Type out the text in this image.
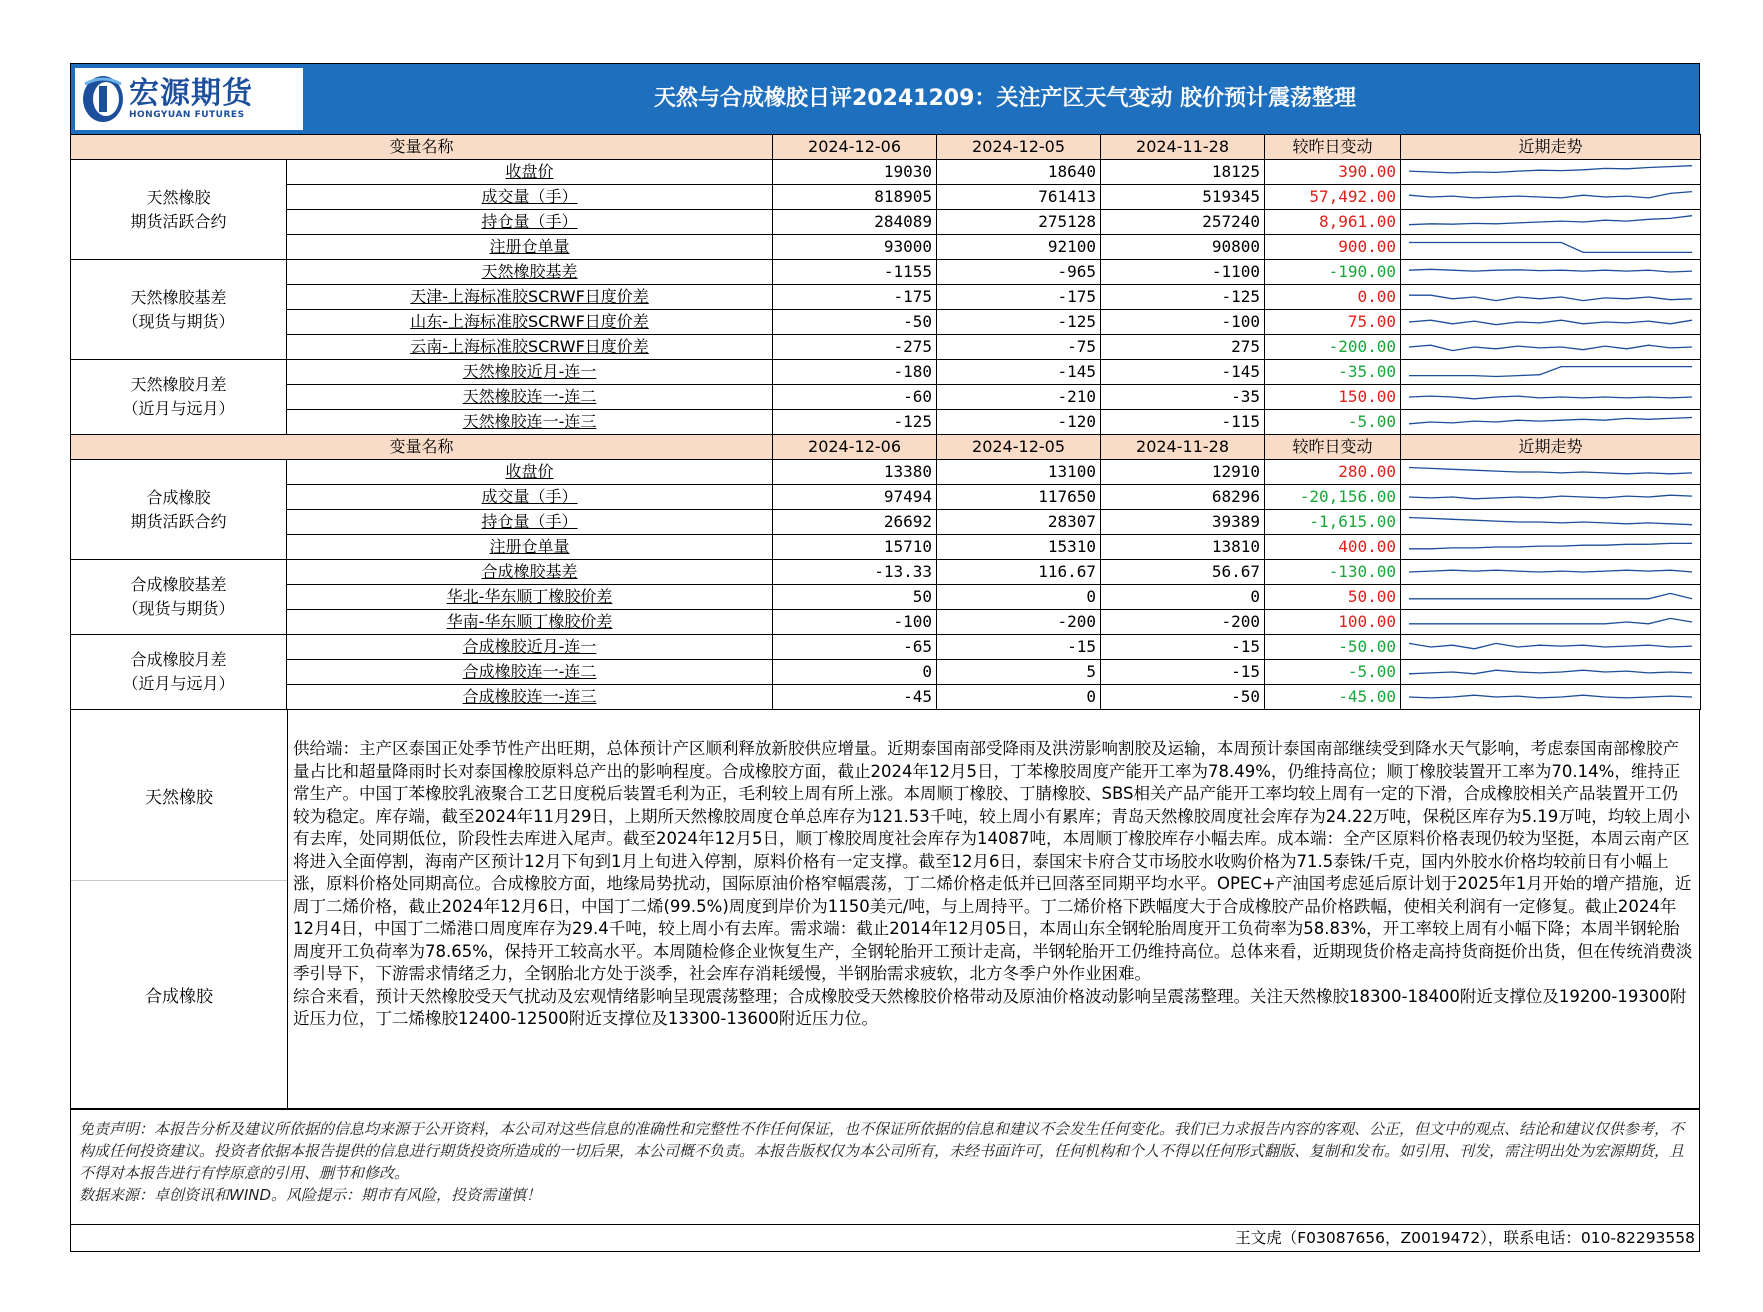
宏源期货
HONGYUAN FUTURES
天然与合成橡胶日评20241209：关注产区天气变动 胶价预计震荡整理
变量名称		2024-12-06	2024-12-05	2024-11-28	较昨日变动	近期走势
天然橡胶
期货活跃合约	收盘价	19030	18640	18125	390.00	

	成交量（手）	818905	761413	519345	57,492.00	

	持仓量（手）	284089	275128	257240	8,961.00	

	注册仓单量	93000	92100	90800	900.00	

天然橡胶基差
（现货与期货）	天然橡胶基差	-1155	-965	-1100	-190.00	

	天津-上海标准胶SCRWF日度价差	-175	-175	-125	0.00	

	山东-上海标准胶SCRWF日度价差	-50	-125	-100	75.00	

	云南-上海标准胶SCRWF日度价差	-275	-75	275	-200.00	

天然橡胶月差
（近月与远月）	天然橡胶近月-连一	-180	-145	-145	-35.00	

	天然橡胶连一-连二	-60	-210	-35	150.00	

	天然橡胶连一-连三	-125	-120	-115	-5.00	

变量名称		2024-12-06	2024-12-05	2024-11-28	较昨日变动	近期走势
合成橡胶
期货活跃合约	收盘价	13380	13100	12910	280.00	

	成交量（手）	97494	117650	68296	-20,156.00	

	持仓量（手）	26692	28307	39389	-1,615.00	

	注册仓单量	15710	15310	13810	400.00	

合成橡胶基差
（现货与期货）	合成橡胶基差	-13.33	116.67	56.67	-130.00	

	华北-华东顺丁橡胶价差	50	0	0	50.00	

	华南-华东顺丁橡胶价差	-100	-200	-200	100.00	

合成橡胶月差
（近月与远月）	合成橡胶近月-连一	-65	-15	-15	-50.00	

	合成橡胶连一-连二	0	5	-15	-5.00	

	合成橡胶连一-连三	-45	0	-50	-45.00	
天然橡胶
合成橡胶
供给端：主产区泰国正处季节性产出旺期，总体预计产区顺利释放新胶供应增量。近期泰国南部受降雨及洪涝影响割胶及运输，本周预计泰国南部继续受到降水天气影响，考虑泰国南部橡胶产量占比和超量降雨时长对泰国橡胶原料总产出的影响程度。合成橡胶方面，截止2024年12月5日，丁苯橡胶周度产能开工率为78.49%，仍维持高位；顺丁橡胶装置开工率为70.14%，维持正常生产。中国丁苯橡胶乳液聚合工艺日度税后装置毛利为正，毛利较上周有所上涨。本周顺丁橡胶、丁腈橡胶、SBS相关产品产能开工率均较上周有一定的下滑，合成橡胶相关产品装置开工仍较为稳定。库存端，截至2024年11月29日，上期所天然橡胶周度仓单总库存为121.53千吨，较上周小有累库；青岛天然橡胶周度社会库存为24.22万吨，保税区库存为5.19万吨，均较上周小有去库，处同期低位，阶段性去库进入尾声。截至2024年12月5日，顺丁橡胶周度社会库存为14087吨，本周顺丁橡胶库存小幅去库。成本端：全产区原料价格表现仍较为坚挺，本周云南产区将进入全面停割，海南产区预计12月下旬到1月上旬进入停割，原料价格有一定支撑。截至12月6日，泰国宋卡府合艾市场胶水收购价格为71.5泰铢/千克，国内外胶水价格均较前日有小幅上涨，原料价格处同期高位。合成橡胶方面，地缘局势扰动，国际原油价格窄幅震荡，丁二烯价格走低并已回落至同期平均水平。OPEC+产油国考虑延后原计划于2025年1月开始的增产措施，近周丁二烯价格，截止2024年12月6日，中国丁二烯(99.5%)周度到岸价为1150美元/吨，与上周持平。丁二烯价格下跌幅度大于合成橡胶产品价格跌幅，使相关利润有一定修复。截止2024年12月4日，中国丁二烯港口周度库存为29.4千吨，较上周小有去库。需求端：截止2014年12月05日，本周山东全钢轮胎周度开工负荷率为58.83%，开工率较上周有小幅下降；本周半钢轮胎周度开工负荷率为78.65%，保持开工较高水平。本周随检修企业恢复生产，全钢轮胎开工预计走高，半钢轮胎开工仍维持高位。总体来看，近期现货价格走高持货商挺价出货，但在传统消费淡季引导下，下游需求情绪乏力，全钢胎北方处于淡季，社会库存消耗缓慢，半钢胎需求疲软，北方冬季户外作业困难。
综合来看，预计天然橡胶受天气扰动及宏观情绪影响呈现震荡整理；合成橡胶受天然橡胶价格带动及原油价格波动影响呈震荡整理。关注天然橡胶18300-18400附近支撑位及19200-19300附近压力位，丁二烯橡胶12400-12500附近支撑位及13300-13600附近压力位。
免责声明：本报告分析及建议所依据的信息均来源于公开资料，本公司对这些信息的准确性和完整性不作任何保证，也不保证所依据的信息和建议不会发生任何变化。我们已力求报告内容的客观、公正，但文中的观点、结论和建议仅供参考，不构成任何投资建议。投资者依据本报告提供的信息进行期货投资所造成的一切后果，本公司概不负责。本报告版权仅为本公司所有，未经书面许可，任何机构和个人不得以任何形式翻版、复制和发布。如引用、刊发，需注明出处为宏源期货，且不得对本报告进行有悖原意的引用、删节和修改。
数据来源：卓创资讯和WIND。风险提示：期市有风险，投资需谨慎！
王文虎（F03087656，Z0019472），联系电话：010-82293558
